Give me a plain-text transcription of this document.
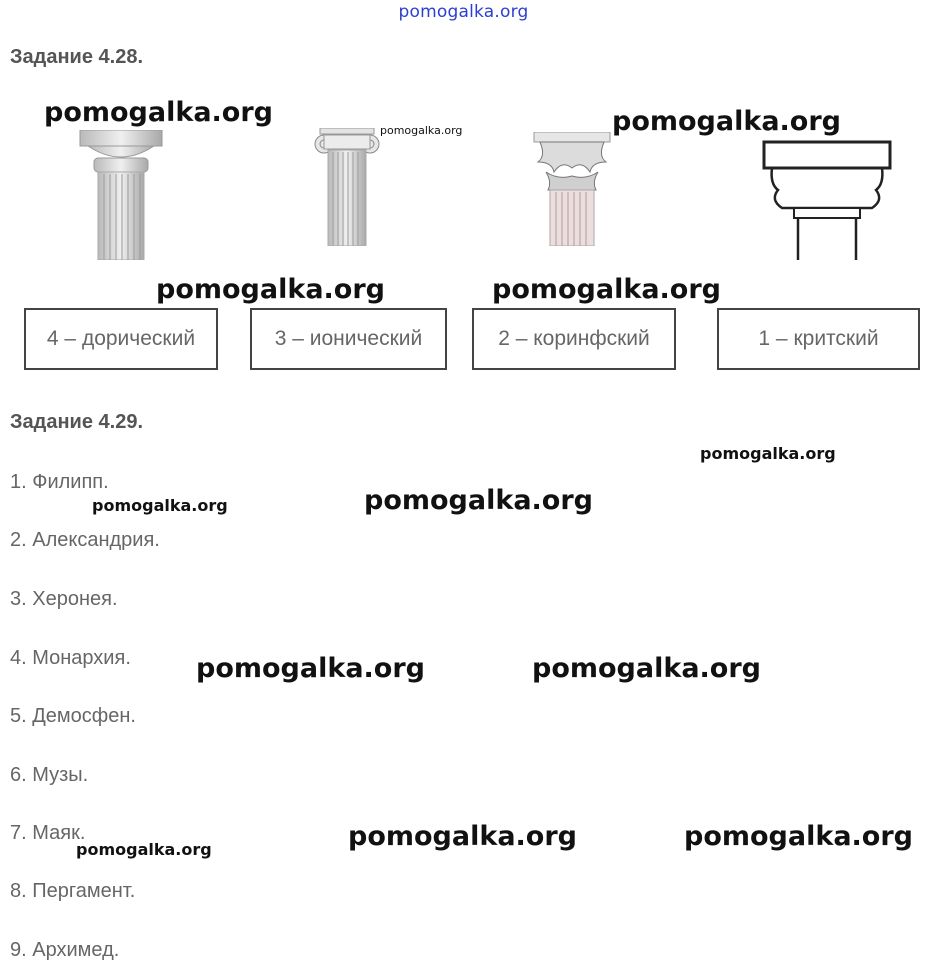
pomogalka.org
Задание 4.28.
4 – дорический	3 – ионический	2 – коринфский	1 – критский
Задание 4.29.
1. Филипп.
2. Александрия.
3. Херонея.
4. Монархия.
5. Демосфен.
6. Музы.
7. Маяк.
8. Пергамент.
9. Архимед.
pomogalka.org
pomogalka.org	pomogalka.org
pomogalka.org	pomogalka.org
pomogalka.org
pomogalka.org	pomogalka.org
pomogalka.org	pomogalka.org
pomogalka.org	pomogalka.org	pomogalka.org
